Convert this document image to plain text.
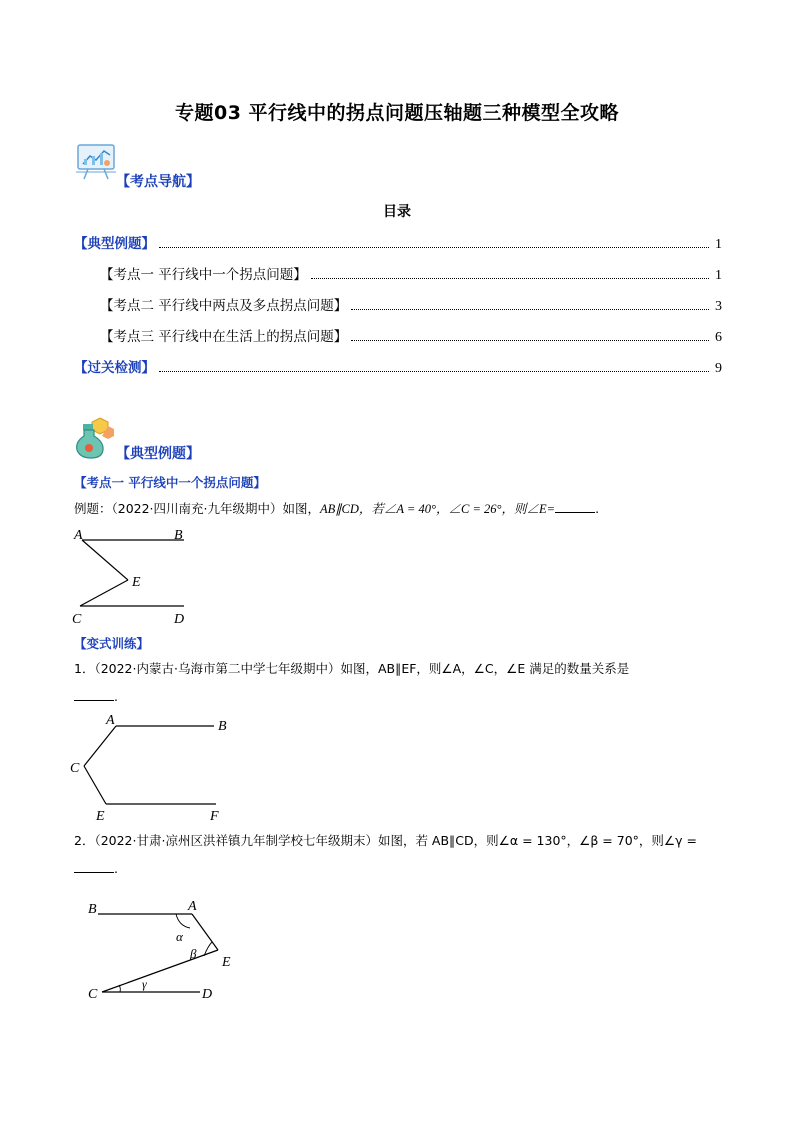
专题03 平行线中的拐点问题压轴题三种模型全攻略
【考点导航】
目录
【典型例题】	1
【考点一 平行线中一个拐点问题】	1
【考点二 平行线中两点及多点拐点问题】	3
【考点三 平行线中在生活上的拐点问题】	6
【过关检测】	9
【典型例题】
【考点一 平行线中一个拐点问题】
例题：（2022·四川南充·九年级期中）如图，AB∥CD，若∠A = 40°，∠C = 26°，则∠E=	.
A	B
E
C	D
【变式训练】
1．（2022·内蒙古·乌海市第二中学七年级期中）如图，AB∥EF，则∠A，∠C，∠E 满足的数量关系是
.
A	B
C
E	F
2．（2022·甘肃·凉州区洪祥镇九年制学校七年级期末）如图，若 AB∥CD，则∠α = 130°，∠β = 70°，则∠γ =
.
B	A
α
β
E
C
γ
D
